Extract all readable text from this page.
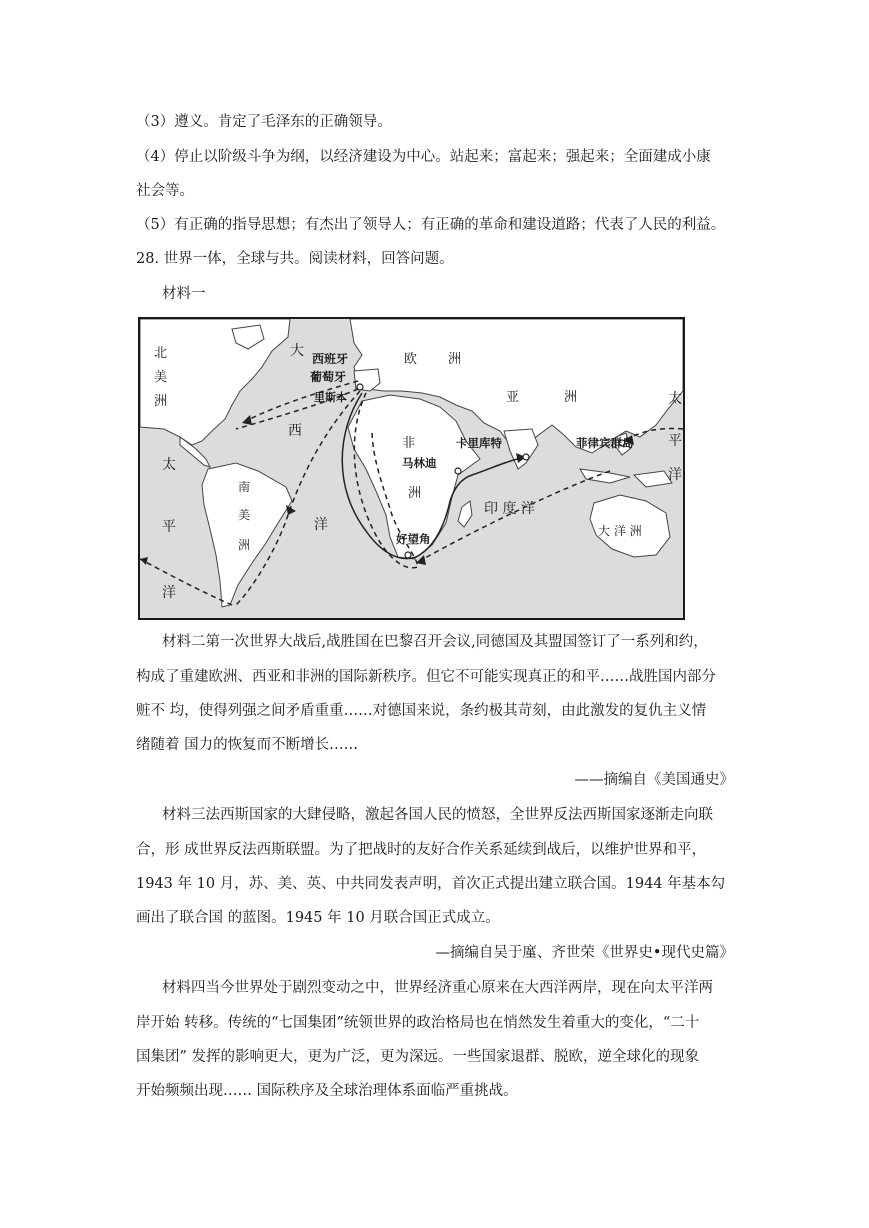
（3）遵义。肯定了毛泽东的正确领导。
（4）停止以阶级斗争为纲，以经济建设为中心。站起来；富起来；强起来；全面建成小康
社会等。
（5）有正确的指导思想；有杰出了领导人；有正确的革命和建设道路；代表了人民的利益。
28. 世界一体，全球与共。阅读材料，回答问题。
材料一
北
美
洲
大
西
洋
西班牙
葡萄牙
里斯本
欧 洲
亚	洲	太
平
洋
非
洲
卡里库特
马林迪
菲律宾群岛
太
平
洋
南
美
洲
印 度 洋
大 洋 洲
好望角
材料二第一次世界大战后,战胜国在巴黎召开会议,同德国及其盟国签订了一系列和约，
构成了重建欧洲、西亚和非洲的国际新秩序。但它不可能实现真正的和平……战胜国内部分
赃不 均，使得列强之间矛盾重重……对德国来说，条约极其苛刻，由此激发的复仇主义情
绪随着 国力的恢复而不断增长……
——摘编自《美国通史》
材料三法西斯国家的大肆侵略，激起各国人民的愤怒，全世界反法西斯国家逐渐走向联
合，形 成世界反法西斯联盟。为了把战时的友好合作关系延续到战后，以维护世界和平，
1943 年 10 月，苏、美、英、中共同发表声明，首次正式提出建立联合国。1944 年基本勾
画出了联合国 的蓝图。1945 年 10 月联合国正式成立。
—摘编自吴于廑、齐世荣《世界史•现代史篇》
材料四当今世界处于剧烈变动之中，世界经济重心原来在大西洋两岸，现在向太平洋两
岸开始 转移。传统的“七国集团”统领世界的政治格局也在悄然发生着重大的变化，“二十
国集团” 发挥的影响更大，更为广泛，更为深远。一些国家退群、脱欧，逆全球化的现象
开始频频出现…… 国际秩序及全球治理体系面临严重挑战。
